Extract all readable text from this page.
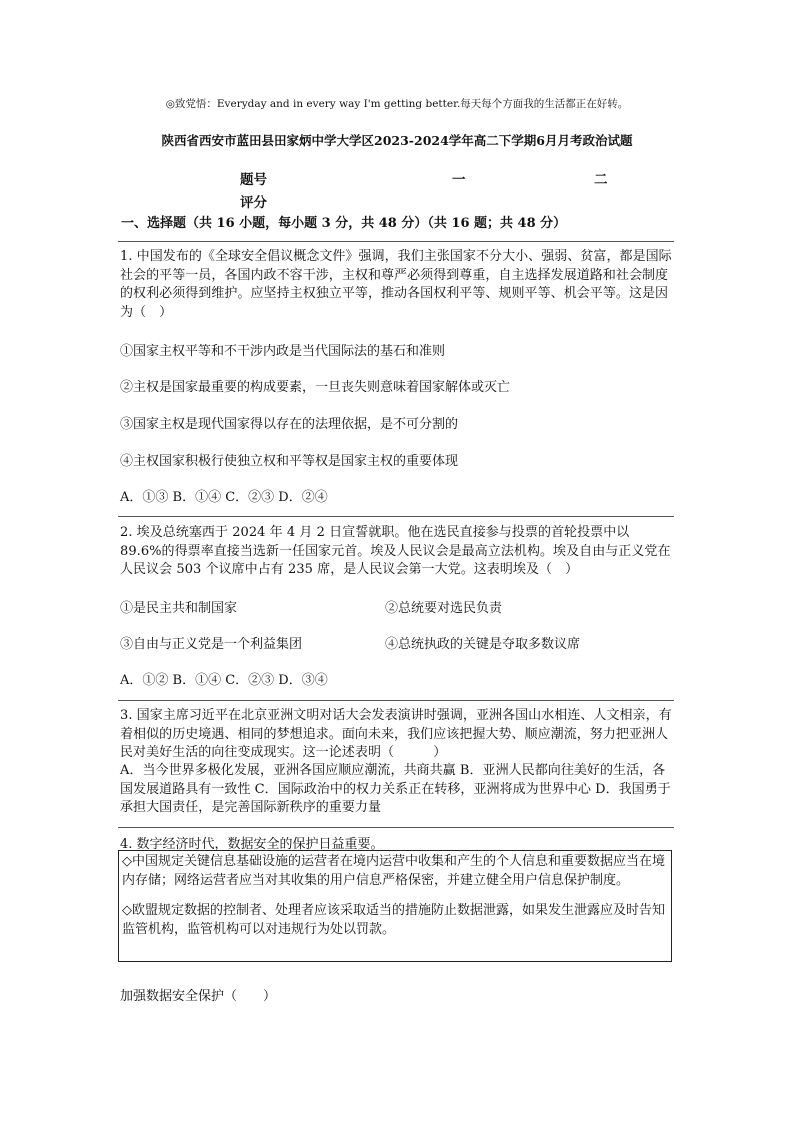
◎致党悟：Everyday and in every way I'm getting better.每天每个方面我的生活都正在好转。
陕西省西安市蓝田县田家炳中学大学区2023-2024学年高二下学期6月月考政治试题
题号	一	二
评分
一、选择题（共 16 小题，每小题 3 分，共 48 分）（共 16 题；共 48 分）
1. 中国发布的《全球安全倡议概念文件》强调，我们主张国家不分大小、强弱、贫富，都是国际社会的平等一员，各国内政不容干涉，主权和尊严必须得到尊重，自主选择发展道路和社会制度的权利必须得到维护。应坚持主权独立平等，推动各国权利平等、规则平等、机会平等。这是因为（　）
①国家主权平等和不干涉内政是当代国际法的基石和准则
②主权是国家最重要的构成要素，一旦丧失则意味着国家解体或灭亡
③国家主权是现代国家得以存在的法理依据，是不可分割的
④主权国家积极行使独立权和平等权是国家主权的重要体现
A．①③ B．①④ C．②③ D．②④
2. 埃及总统塞西于 2024 年 4 月 2 日宣誓就职。他在选民直接参与投票的首轮投票中以 89.6%的得票率直接当选新一任国家元首。埃及人民议会是最高立法机构。埃及自由与正义党在人民议会 503 个议席中占有 235 席，是人民议会第一大党。这表明埃及（　）
①是民主共和制国家	②总统要对选民负责
③自由与正义党是一个利益集团	④总统执政的关键是夺取多数议席
A．①② B．①④ C．②③ D．③④
3. 国家主席习近平在北京亚洲文明对话大会发表演讲时强调，亚洲各国山水相连、人文相亲，有着相似的历史境遇、相同的梦想追求。面向未来，我们应该把握大势、顺应潮流，努力把亚洲人民对美好生活的向往变成现实。这一论述表明（　　　）
A．当今世界多极化发展，亚洲各国应顺应潮流，共商共赢 B．亚洲人民都向往美好的生活，各国发展道路具有一致性 C．国际政治中的权力关系正在转移，亚洲将成为世界中心 D．我国勇于承担大国责任，是完善国际新秩序的重要力量
4. 数字经济时代，数据安全的保护日益重要。

◇中国规定关键信息基础设施的运营者在境内运营中收集和产生的个人信息和重要数据应当在境内存储；网络运营者应当对其收集的用户信息严格保密，并建立健全用户信息保护制度。

◇欧盟规定数据的控制者、处理者应该采取适当的措施防止数据泄露，如果发生泄露应及时告知监管机构，监管机构可以对违规行为处以罚款。

加强数据安全保护（　　）
